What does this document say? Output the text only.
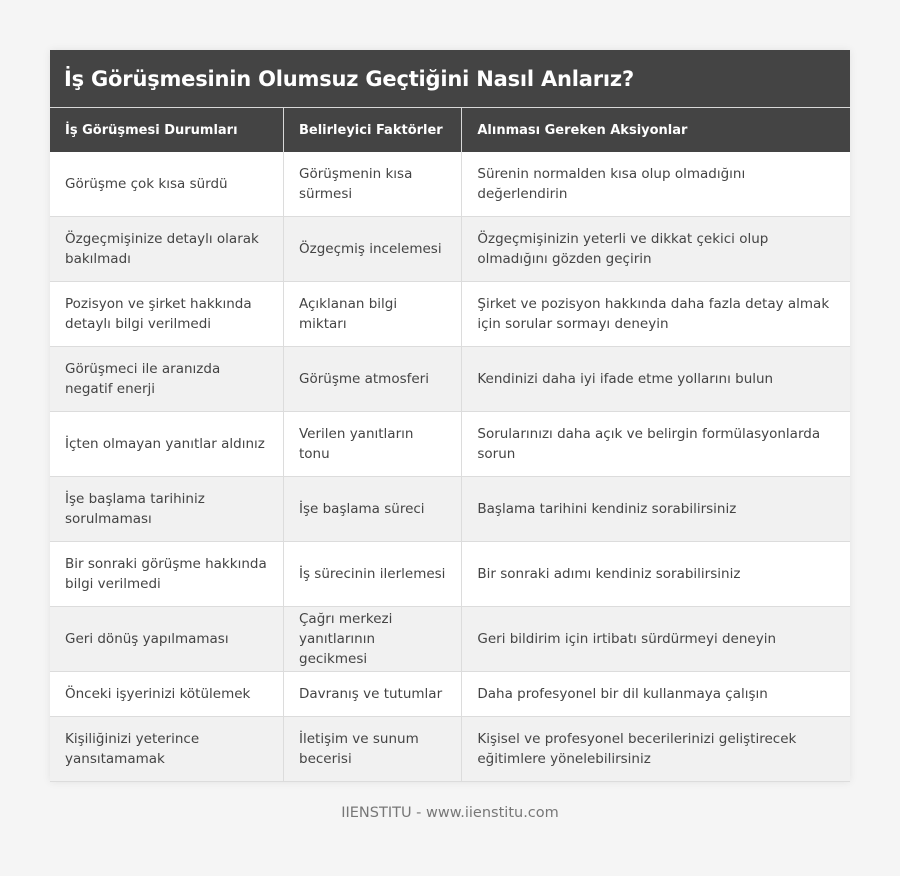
İş Görüşmesinin Olumsuz Geçtiğini Nasıl Anlarız?
İş Görüşmesi Durumları	Belirleyici Faktörler	Alınması Gereken Aksiyonlar
Görüşme çok kısa sürdü	Görüşmenin kısa sürmesi	Sürenin normalden kısa olup olmadığını değerlendirin
Özgeçmişinize detaylı olarak bakılmadı	Özgeçmiş incelemesi	Özgeçmişinizin yeterli ve dikkat çekici olup olmadığını gözden geçirin
Pozisyon ve şirket hakkında detaylı bilgi verilmedi	Açıklanan bilgi miktarı	Şirket ve pozisyon hakkında daha fazla detay almak için sorular sormayı deneyin
Görüşmeci ile aranızda negatif enerji	Görüşme atmosferi	Kendinizi daha iyi ifade etme yollarını bulun
İçten olmayan yanıtlar aldınız	Verilen yanıtların tonu	Sorularınızı daha açık ve belirgin formülasyonlarda sorun
İşe başlama tarihiniz sorulmaması	İşe başlama süreci	Başlama tarihini kendiniz sorabilirsiniz
Bir sonraki görüşme hakkında bilgi verilmedi	İş sürecinin ilerlemesi	Bir sonraki adımı kendiniz sorabilirsiniz
Geri dönüş yapılmaması	Çağrı merkezi yanıtlarının gecikmesi	Geri bildirim için irtibatı sürdürmeyi deneyin
Önceki işyerinizi kötülemek	Davranış ve tutumlar	Daha profesyonel bir dil kullanmaya çalışın
Kişiliğinizi yeterince yansıtamamak	İletişim ve sunum becerisi	Kişisel ve profesyonel becerilerinizi geliştirecek eğitimlere yönelebilirsiniz
IIENSTITU - www.iienstitu.com
